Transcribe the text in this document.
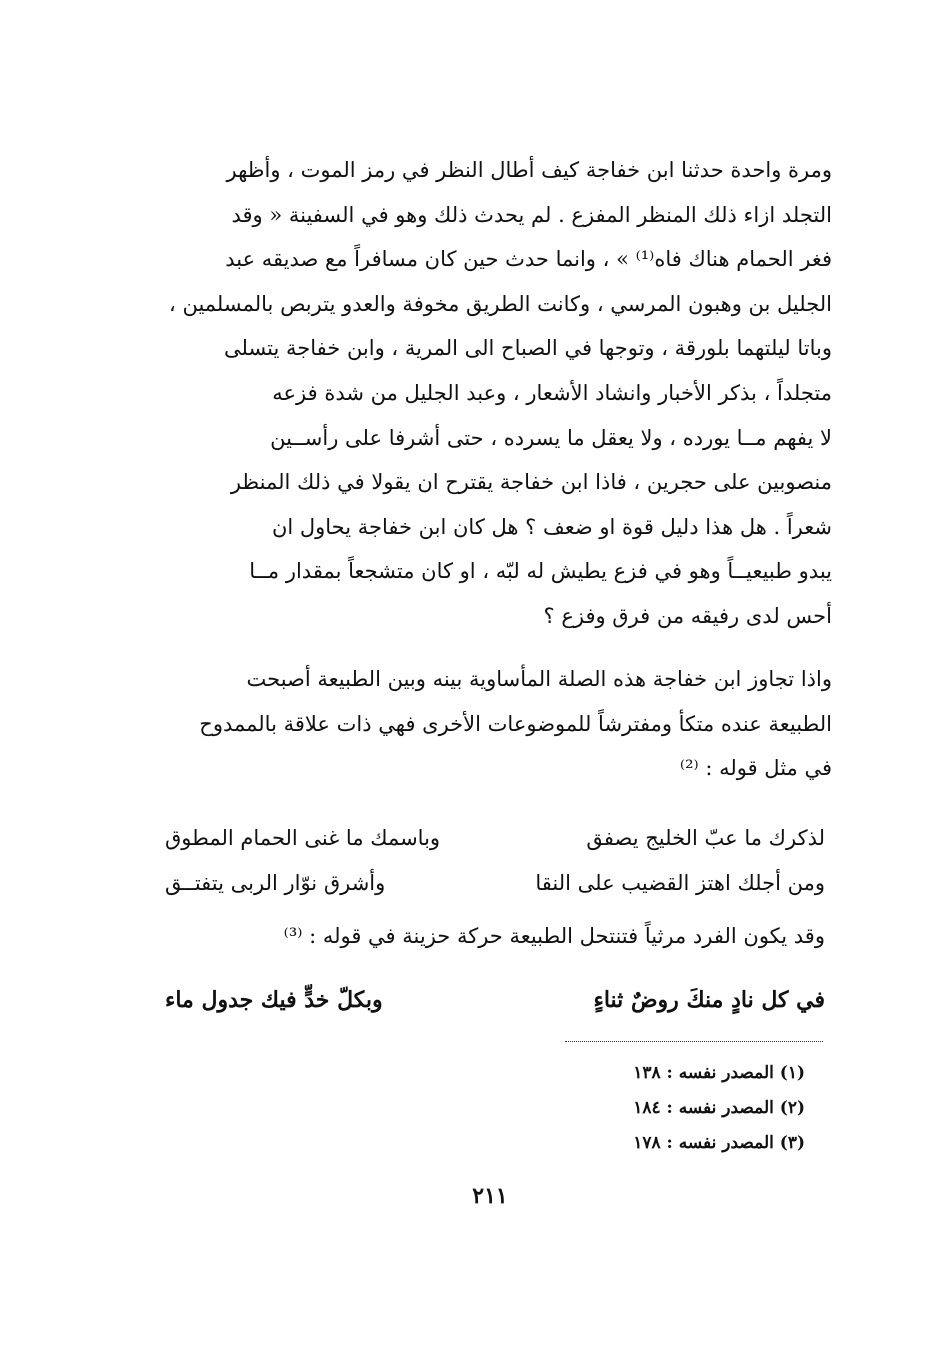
ومرة واحدة حدثنا ابن خفاجة كيف أطال النظر في رمز الموت ، وأظهر
التجلد ازاء ذلك المنظر المفزع . لم يحدث ذلك وهو في السفينة « وقد
فغر الحمام هناك فاه⁽¹⁾ » ، وانما حدث حين كان مسافراً مع صديقه عبد
الجليل بن وهبون المرسي ، وكانت الطريق مخوفة والعدو يتربص بالمسلمين ،
وباتا ليلتهما بلورقة ، وتوجها في الصباح الى المرية ، وابن خفاجة يتسلى
متجلداً ، بذكر الأخبار وانشاد الأشعار ، وعبد الجليل من شدة فزعه
لا يفهم مــا يورده ، ولا يعقل ما يسرده ، حتى أشرفا على رأســين
منصوبين على حجرين ، فاذا ابن خفاجة يقترح ان يقولا في ذلك المنظر
شعراً . هل هذا دليل قوة او ضعف ؟ هل كان ابن خفاجة يحاول ان
يبدو طبيعيــاً وهو في فزع يطيش له لبّه ، او كان متشجعاً بمقدار مــا
أحس لدى رفيقه من فرق وفزع ؟
واذا تجاوز ابن خفاجة هذه الصلة المأساوية بينه وبين الطبيعة أصبحت
الطبيعة عنده متكأ ومفترشاً للموضوعات الأخرى فهي ذات علاقة بالممدوح
في مثل قوله : ⁽²⁾
لذكرك ما عبّ الخليج يصفق
وباسمك ما غنى الحمام المطوق
ومن أجلك اهتز القضيب على النقا
وأشرق نوّار الربى يتفتــق
وقد يكون الفرد مرثياً فتنتحل الطبيعة حركة حزينة في قوله : ⁽³⁾
في كل نادٍ منكَ روضٌ ثناءٍ
وبكلّ خدٍّ فيك جدول ماء
(١) المصدر نفسه : ١٣٨
(٢) المصدر نفسه : ١٨٤
(٣) المصدر نفسه : ١٧٨
٢١١
